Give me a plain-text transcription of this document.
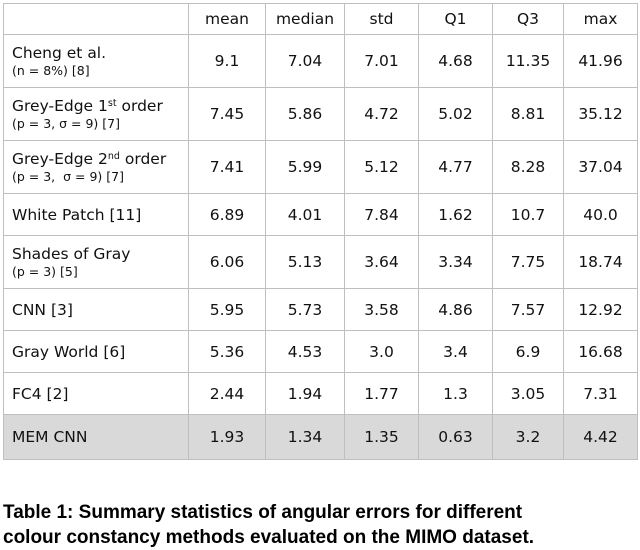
	mean	median	std	Q1	Q3	max

Cheng et al.
(n = 8%) [8]	9.1	7.04	7.01	4.68	11.35	41.96

Grey-Edge 1st order
(p = 3, σ = 9) [7]	7.45	5.86	4.72	5.02	8.81	35.12

Grey-Edge 2nd order
(p = 3,  σ = 9) [7]	7.41	5.99	5.12	4.77	8.28	37.04

White Patch [11]	6.89	4.01	7.84	1.62	10.7	40.0

Shades of Gray
(p = 3) [5]	6.06	5.13	3.64	3.34	7.75	18.74

CNN [3]	5.95	5.73	3.58	4.86	7.57	12.92

Gray World [6]	5.36	4.53	3.0	3.4	6.9	16.68

FC4 [2]	2.44	1.94	1.77	1.3	3.05	7.31

MEM CNN	1.93	1.34	1.35	0.63	3.2	4.42
Table 1: Summary statistics of angular errors for different
colour constancy methods evaluated on the MIMO dataset.
